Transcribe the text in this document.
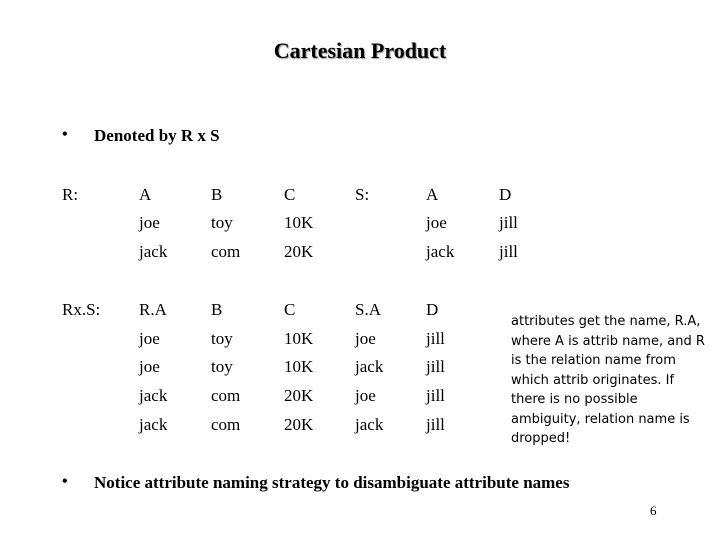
Cartesian Product
• Denoted by R x S
R:	A	B	C
joe	toy	10K
jack	com	20K
S:	A	D
joe	jill
jack	jill
Rx.S: R.A	B	C	S.A	D
joe	toy	10K joe	jill
joe	toy	10K jack	jill
jack	com	20K joe	jill
jack	com	20K jack	jill
attributes get the name, R.A, where A is attrib name, and R is the relation name from which attrib originates. If there is no possible ambiguity, relation name is dropped!
• Notice attribute naming strategy to disambiguate attribute names
6
